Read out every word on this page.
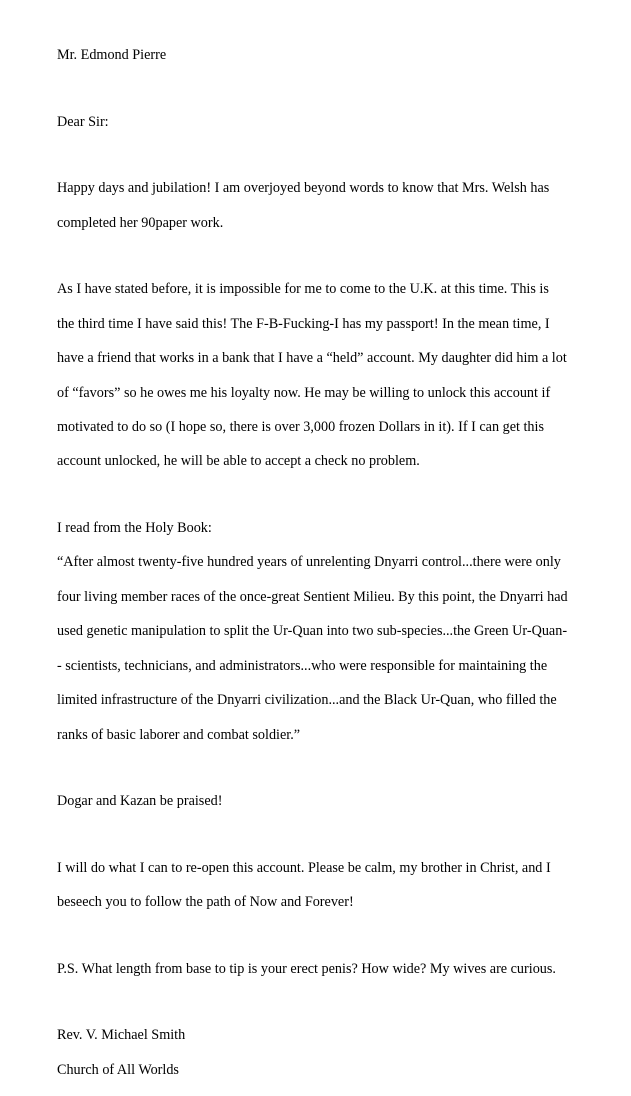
Mr. Edmond Pierre

Dear Sir:

Happy days and jubilation! I am overjoyed beyond words to know that Mrs. Welsh has

completed her 90paper work.

As I have stated before, it is impossible for me to come to the U.K. at this time. This is

the third time I have said this! The F-B-Fucking-I has my passport! In the mean time, I

have a friend that works in a bank that I have a “held” account. My daughter did him a lot

of “favors” so he owes me his loyalty now. He may be willing to unlock this account if

motivated to do so (I hope so, there is over 3,000 frozen Dollars in it). If I can get this

account unlocked, he will be able to accept a check no problem.

I read from the Holy Book:

“After almost twenty-five hundred years of unrelenting Dnyarri control...there were only

four living member races of the once-great Sentient Milieu. By this point, the Dnyarri had

used genetic manipulation to split the Ur-Quan into two sub-species...the Green Ur-Quan-

- scientists, technicians, and administrators...who were responsible for maintaining the

limited infrastructure of the Dnyarri civilization...and the Black Ur-Quan, who filled the

ranks of basic laborer and combat soldier.”

Dogar and Kazan be praised!

I will do what I can to re-open this account. Please be calm, my brother in Christ, and I

beseech you to follow the path of Now and Forever!

P.S. What length from base to tip is your erect penis? How wide? My wives are curious.

Rev. V. Michael Smith

Church of All Worlds
